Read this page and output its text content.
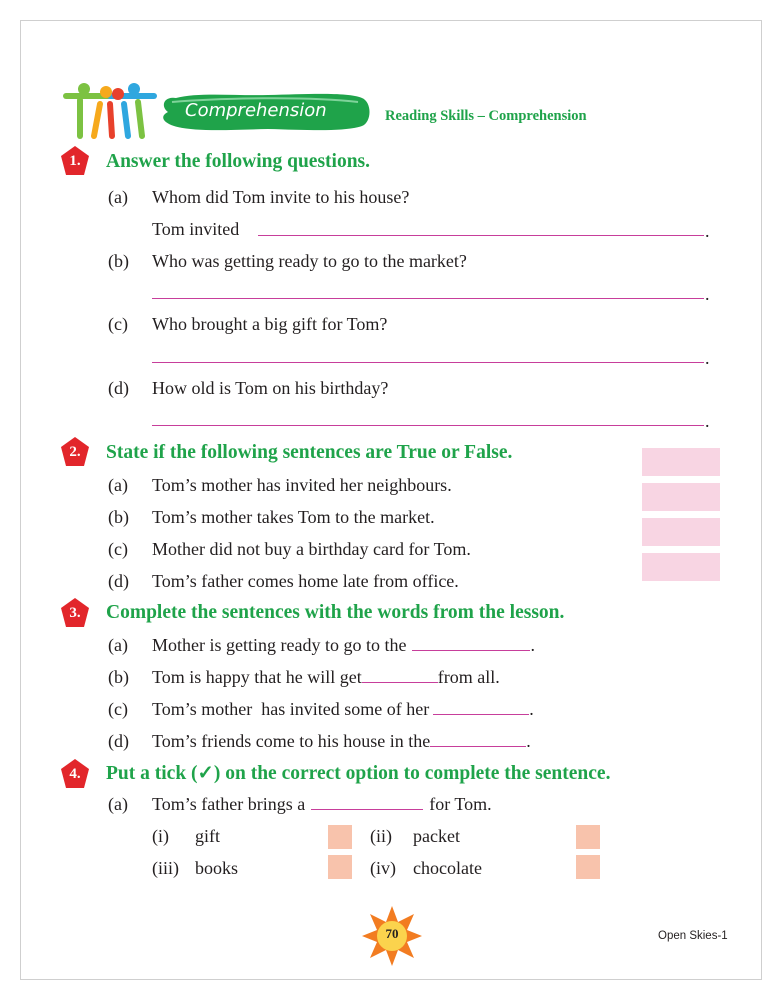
Comprehension	Reading Skills – Comprehension
1.	Answer the following questions.
(a)	Whom did Tom invite to his house?
Tom invited	.
(b)	Who was getting ready to go to the market?
.
(c)	Who brought a big gift for Tom?
.
(d)	How old is Tom on his birthday?
.
2.	State if the following sentences are True or False.
(a)	Tom’s mother has invited her neighbours.
(b)	Tom’s mother takes Tom to the market.
(c)	Mother did not buy a birthday card for Tom.
(d)	Tom’s father comes home late from office.
3.	Complete the sentences with the words from the lesson.
(a)	Mother is getting ready to go to the	.
(b)	Tom is happy that he will get	from all.
(c)	Tom’s mother  has invited some of her	.
(d)	Tom’s friends come to his house in the	.
4.	Put a tick (✓) on the correct option to complete the sentence.
(a)	Tom’s father brings a	for Tom.
(i) gift	(ii) packet
(iii) books	(iv) chocolate
70	Open Skies-1
